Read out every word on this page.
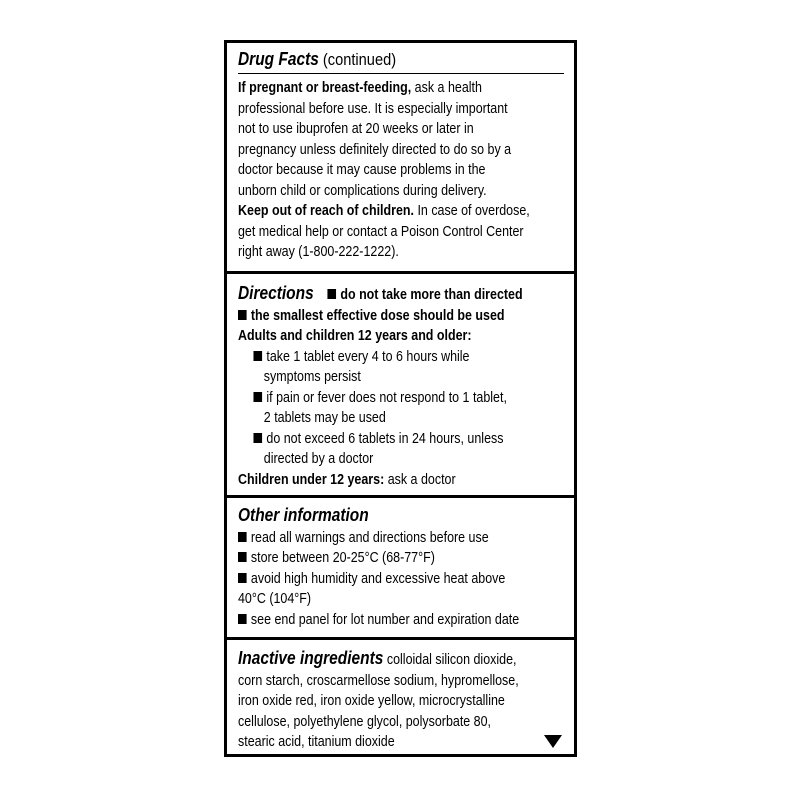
Drug Facts (continued)
If pregnant or breast-feeding, ask a health
professional before use. It is especially important
not to use ibuprofen at 20 weeks or later in
pregnancy unless definitely directed to do so by a
doctor because it may cause problems in the
unborn child or complications during delivery.
Keep out of reach of children. In case of overdose,
get medical help or contact a Poison Control Center
right away (1-800-222-1222).
Directions do not take more than directed
the smallest effective dose should be used
Adults and children 12 years and older:
take 1 tablet every 4 to 6 hours while
symptoms persist
if pain or fever does not respond to 1 tablet,
2 tablets may be used
do not exceed 6 tablets in 24 hours, unless
directed by a doctor
Children under 12 years: ask a doctor
Other information
read all warnings and directions before use
store between 20-25°C (68-77°F)
avoid high humidity and excessive heat above
40°C (104°F)
see end panel for lot number and expiration date
Inactive ingredients colloidal silicon dioxide,
corn starch, croscarmellose sodium, hypromellose,
iron oxide red, iron oxide yellow, microcrystalline
cellulose, polyethylene glycol, polysorbate 80,
stearic acid, titanium dioxide
